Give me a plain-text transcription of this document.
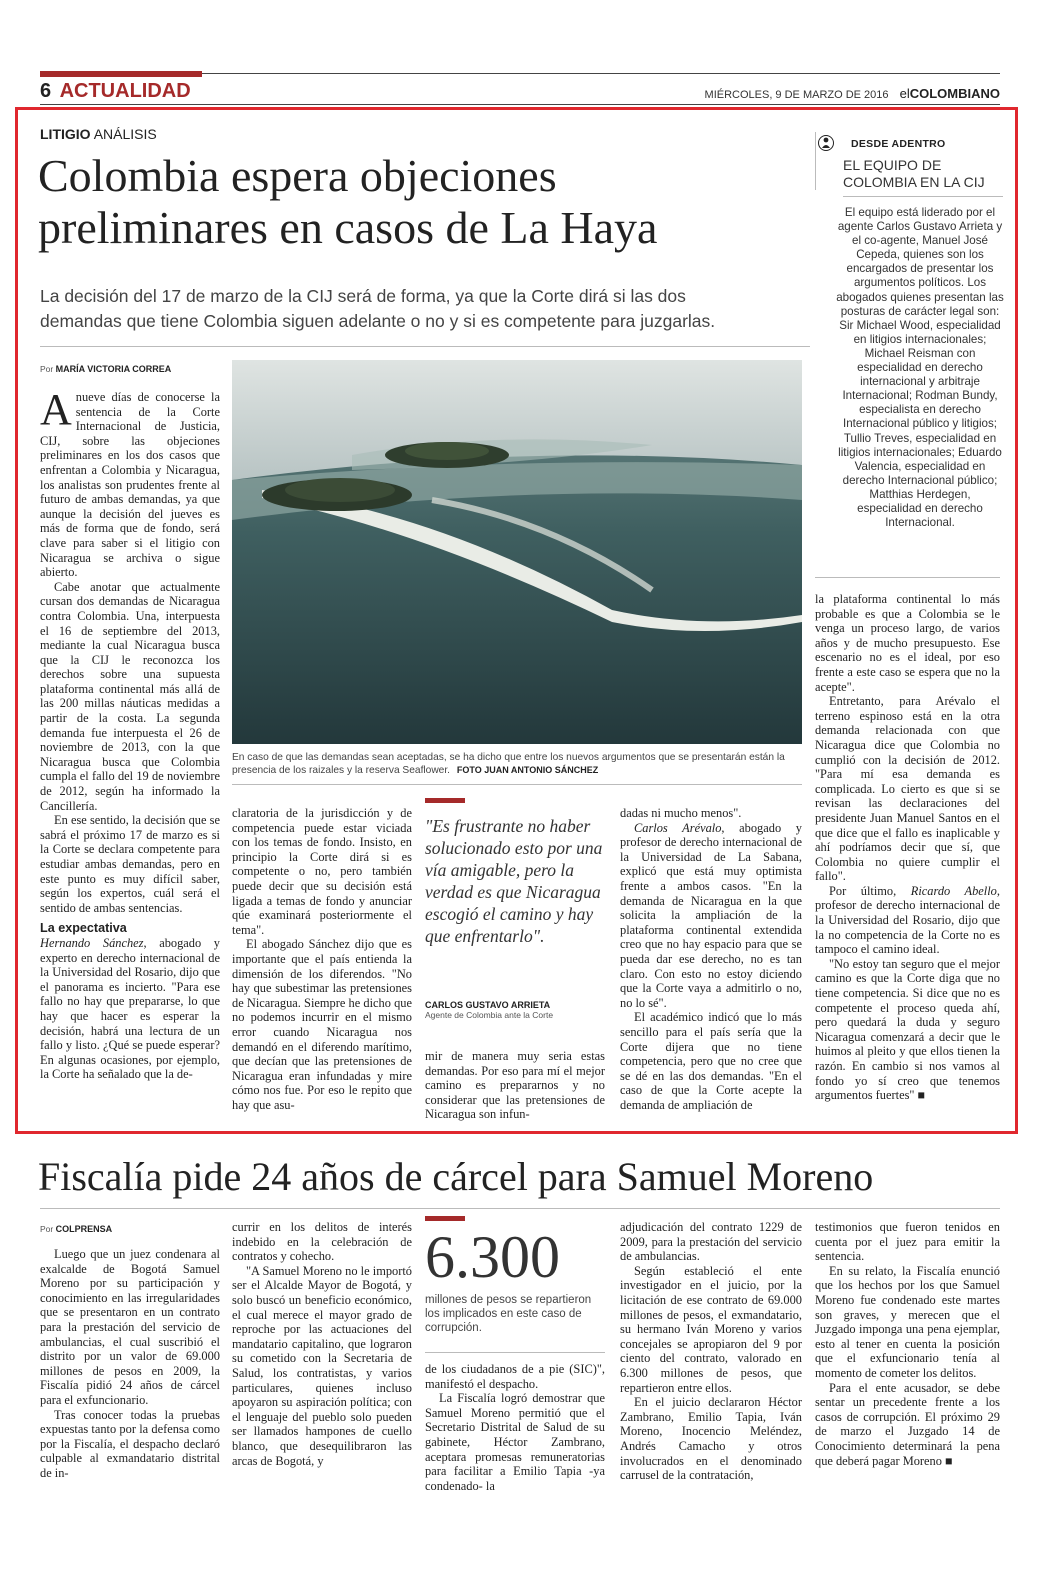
6 ACTUALIDAD	MIÉRCOLES, 9 DE MARZO DE 2016 elCOLOMBIANO
LITIGIO ANÁLISIS
Colombia espera objeciones
preliminares en casos de La Haya
La decisión del 17 de marzo de la CIJ será de forma, ya que la Corte dirá si las dos
demandas que tiene Colombia siguen adelante o no y si es competente para juzgarlas.
Por MARÍA VICTORIA CORREA

Anueve días de conocerse la sentencia de la Corte Internacional de Justicia, CIJ, sobre las objeciones preliminares en los dos casos que enfrentan a Colombia y Nicaragua, los analistas son prudentes frente al futuro de ambas demandas, ya que aunque la decisión del jueves es más de forma que de fondo, será clave para saber si el litigio con Nicaragua se archiva o sigue abierto.

Cabe anotar que actualmente cursan dos demandas de Nicaragua contra Colombia. Una, interpuesta el 16 de septiembre del 2013, mediante la cual Nicaragua busca que la CIJ le reconozca los derechos sobre una supuesta plataforma continental más allá de las 200 millas náuticas medidas a partir de la costa. La segunda demanda fue interpuesta el 26 de noviembre de 2013, con la que Nicaragua busca que Colombia cumpla el fallo del 19 de noviembre de 2012, según ha informado la Cancillería.

En ese sentido, la decisión que se sabrá el próximo 17 de marzo es si la Corte se declara competente para estudiar ambas demandas, pero en este punto es muy difícil saber, según los expertos, cuál será el sentido de ambas sentencias.

La expectativa

Hernando Sánchez, abogado y experto en derecho internacional de la Universidad del Rosario, dijo que el panorama es incierto. "Para ese fallo no hay que prepararse, lo que hay que hacer es esperar la decisión, habrá una lectura de un fallo y listo. ¿Qué se puede esperar? En algunas ocasiones, por ejemplo, la Corte ha señalado que la de-

En caso de que las demandas sean aceptadas, se ha dicho que entre los nuevos argumentos que se presentarán están la presencia de los raizales y la reserva Seaflower. FOTO JUAN ANTONIO SÁNCHEZ

claratoria de la jurisdicción y de competencia puede estar viciada con los temas de fondo. Insisto, en principio la Corte dirá si es competente o no, pero también puede decir que su decisión está ligada a temas de fondo y anunciar qúe examinará posteriormente el tema".

El abogado Sánchez dijo que es importante que el país entienda la dimensión de los diferendos. "No hay que subestimar las pretensiones de Nicaragua. Siempre he dicho que no podemos incurrir en el mismo error cuando Nicaragua nos demandó en el diferendo marítimo, que decían que las pretensiones de Nicaragua eran infundadas y mire cómo nos fue. Por eso le repito que hay que asu-

"Es frustrante no haber solucionado esto por una vía amigable, pero la verdad es que Nicaragua escogió el camino y hay que enfrentarlo".
CARLOS GUSTAVO ARRIETA
Agente de Colombia ante la Corte

mir de manera muy seria estas demandas. Por eso para mí el mejor camino es prepararnos y no considerar que las pretensiones de Nicaragua son infun-

dadas ni mucho menos".

Carlos Arévalo, abogado y profesor de derecho internacional de la Universidad de La Sabana, explicó que está muy optimista frente a ambos casos. "En la demanda de Nicaragua en la que solicita la ampliación de la plataforma continental extendida creo que no hay espacio para que se pueda dar ese derecho, no es tan claro. Con esto no estoy diciendo que la Corte vaya a admitirlo o no, no lo sé".

El académico indicó que lo más sencillo para el país sería que la Corte dijera que no tiene competencia, pero que no cree que se dé en las dos demandas. "En el caso de que la Corte acepte la demanda de ampliación de

DESDE ADENTRO
EL EQUIPO DE
COLOMBIA EN LA CIJ
El equipo está liderado por el agente Carlos Gustavo Arrieta y el co-agente, Manuel José Cepeda, quienes son los encargados de presentar los argumentos políticos. Los abogados quienes presentan las posturas de carácter legal son: Sir Michael Wood, especialidad en litigios internacionales; Michael Reisman con especialidad en derecho internacional y arbitraje Internacional; Rodman Bundy, especialista en derecho Internacional público y litigios; Tullio Treves, especialidad en litigios internacionales; Eduardo Valencia, especialidad en derecho Internacional público; Matthias Herdegen, especialidad en derecho Internacional.

la plataforma continental lo más probable es que a Colombia se le venga un proceso largo, de varios años y de mucho presupuesto. Ese escenario no es el ideal, por eso frente a este caso se espera que no la acepte".

Entretanto, para Arévalo el terreno espinoso está en la otra demanda relacionada con que Nicaragua dice que Colombia no cumplió con la decisión de 2012. "Para mí esa demanda es complicada. Lo cierto es que si se revisan las declaraciones del presidente Juan Manuel Santos en el que dice que el fallo es inaplicable y ahí podríamos decir que sí, que Colombia no quiere cumplir el fallo".

Por último, Ricardo Abello, profesor de derecho internacional de la Universidad del Rosario, dijo que la no competencia de la Corte no es tampoco el camino ideal.

"No estoy tan seguro que el mejor camino es que la Corte diga que no tiene competencia. Si dice que no es competente el proceso queda ahí, pero quedará la duda y seguro Nicaragua comenzará a decir que le huimos al pleito y que ellos tienen la razón. En cambio si nos vamos al fondo yo sí creo que tenemos argumentos fuertes" ■

Fiscalía pide 24 años de cárcel para Samuel Moreno
Por COLPRENSA

Luego que un juez condenara al exalcalde de Bogotá Samuel Moreno por su participación y conocimiento en las irregularidades que se presentaron en un contrato para la prestación del servicio de ambulancias, el cual suscribió el distrito por un valor de 69.000 millones de pesos en 2009, la Fiscalía pidió 24 años de cárcel para el exfuncionario.

Tras conocer todas la pruebas expuestas tanto por la defensa como por la Fiscalía, el despacho declaró culpable al exmandatario distrital de in-

currir en los delitos de interés indebido en la celebración de contratos y cohecho.

"A Samuel Moreno no le importó ser el Alcalde Mayor de Bogotá, y solo buscó un beneficio económico, el cual merece el mayor grado de reproche por las actuaciones del mandatario capitalino, que lograron su cometido con la Secretaria de Salud, los contratistas, y varios particulares, quienes incluso apoyaron su aspiración política; con el lenguaje del pueblo solo pueden ser llamados hampones de cuello blanco, que desequilibraron las arcas de Bogotá, y

6.300
millones de pesos se repartieron los implicados en este caso de corrupción.

de los ciudadanos de a pie (SIC)", manifestó el despacho.

La Fiscalía logró demostrar que Samuel Moreno permitió que el Secretario Distrital de Salud de su gabinete, Héctor Zambrano, aceptara promesas remuneratorias para facilitar a Emilio Tapia -ya condenado- la

adjudicación del contrato 1229 de 2009, para la prestación del servicio de ambulancias.

Según estableció el ente investigador en el juicio, por la licitación de ese contrato de 69.000 millones de pesos, el exmandatario, su hermano Iván Moreno y varios concejales se apropiaron del 9 por ciento del contrato, valorado en 6.300 millones de pesos, que repartieron entre ellos.

En el juicio declararon Héctor Zambrano, Emilio Tapia, Iván Moreno, Inocencio Meléndez, Andrés Camacho y otros involucrados en el denominado carrusel de la contratación,

testimonios que fueron tenidos en cuenta por el juez para emitir la sentencia.

En su relato, la Fiscalía enunció que los hechos por los que Samuel Moreno fue condenado este martes son graves, y merecen que el Juzgado imponga una pena ejemplar, esto al tener en cuenta la posición que el exfuncionario tenía al momento de cometer los delitos.

Para el ente acusador, se debe sentar un precedente frente a los casos de corrupción. El próximo 29 de marzo el Juzgado 14 de Conocimiento determinará la pena que deberá pagar Moreno ■
